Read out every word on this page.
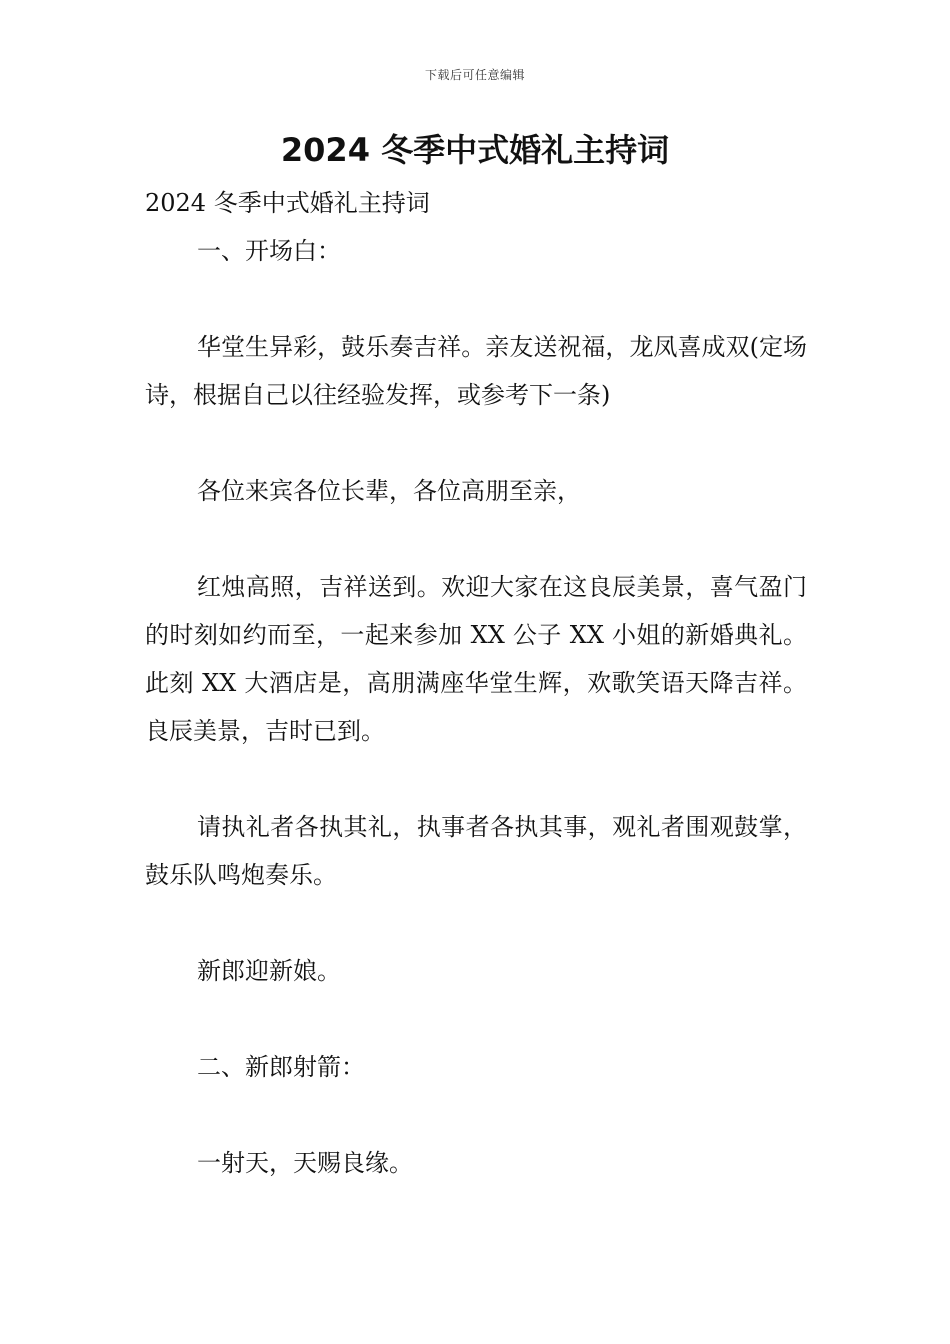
下载后可任意编辑
2024 冬季中式婚礼主持词

2024 冬季中式婚礼主持词

一、开场白：

华堂生异彩，鼓乐奏吉祥。亲友送祝福，龙凤喜成双(定场诗，根据自己以往经验发挥，或参考下一条)

各位来宾各位长辈，各位高朋至亲，

红烛高照，吉祥送到。欢迎大家在这良辰美景，喜气盈门的时刻如约而至，一起来参加 XX 公子 XX 小姐的新婚典礼。此刻 XX 大酒店是，高朋满座华堂生辉，欢歌笑语天降吉祥。良辰美景，吉时已到。

请执礼者各执其礼，执事者各执其事，观礼者围观鼓掌，鼓乐队鸣炮奏乐。

新郎迎新娘。

二、新郎射箭：

一射天，天赐良缘。
